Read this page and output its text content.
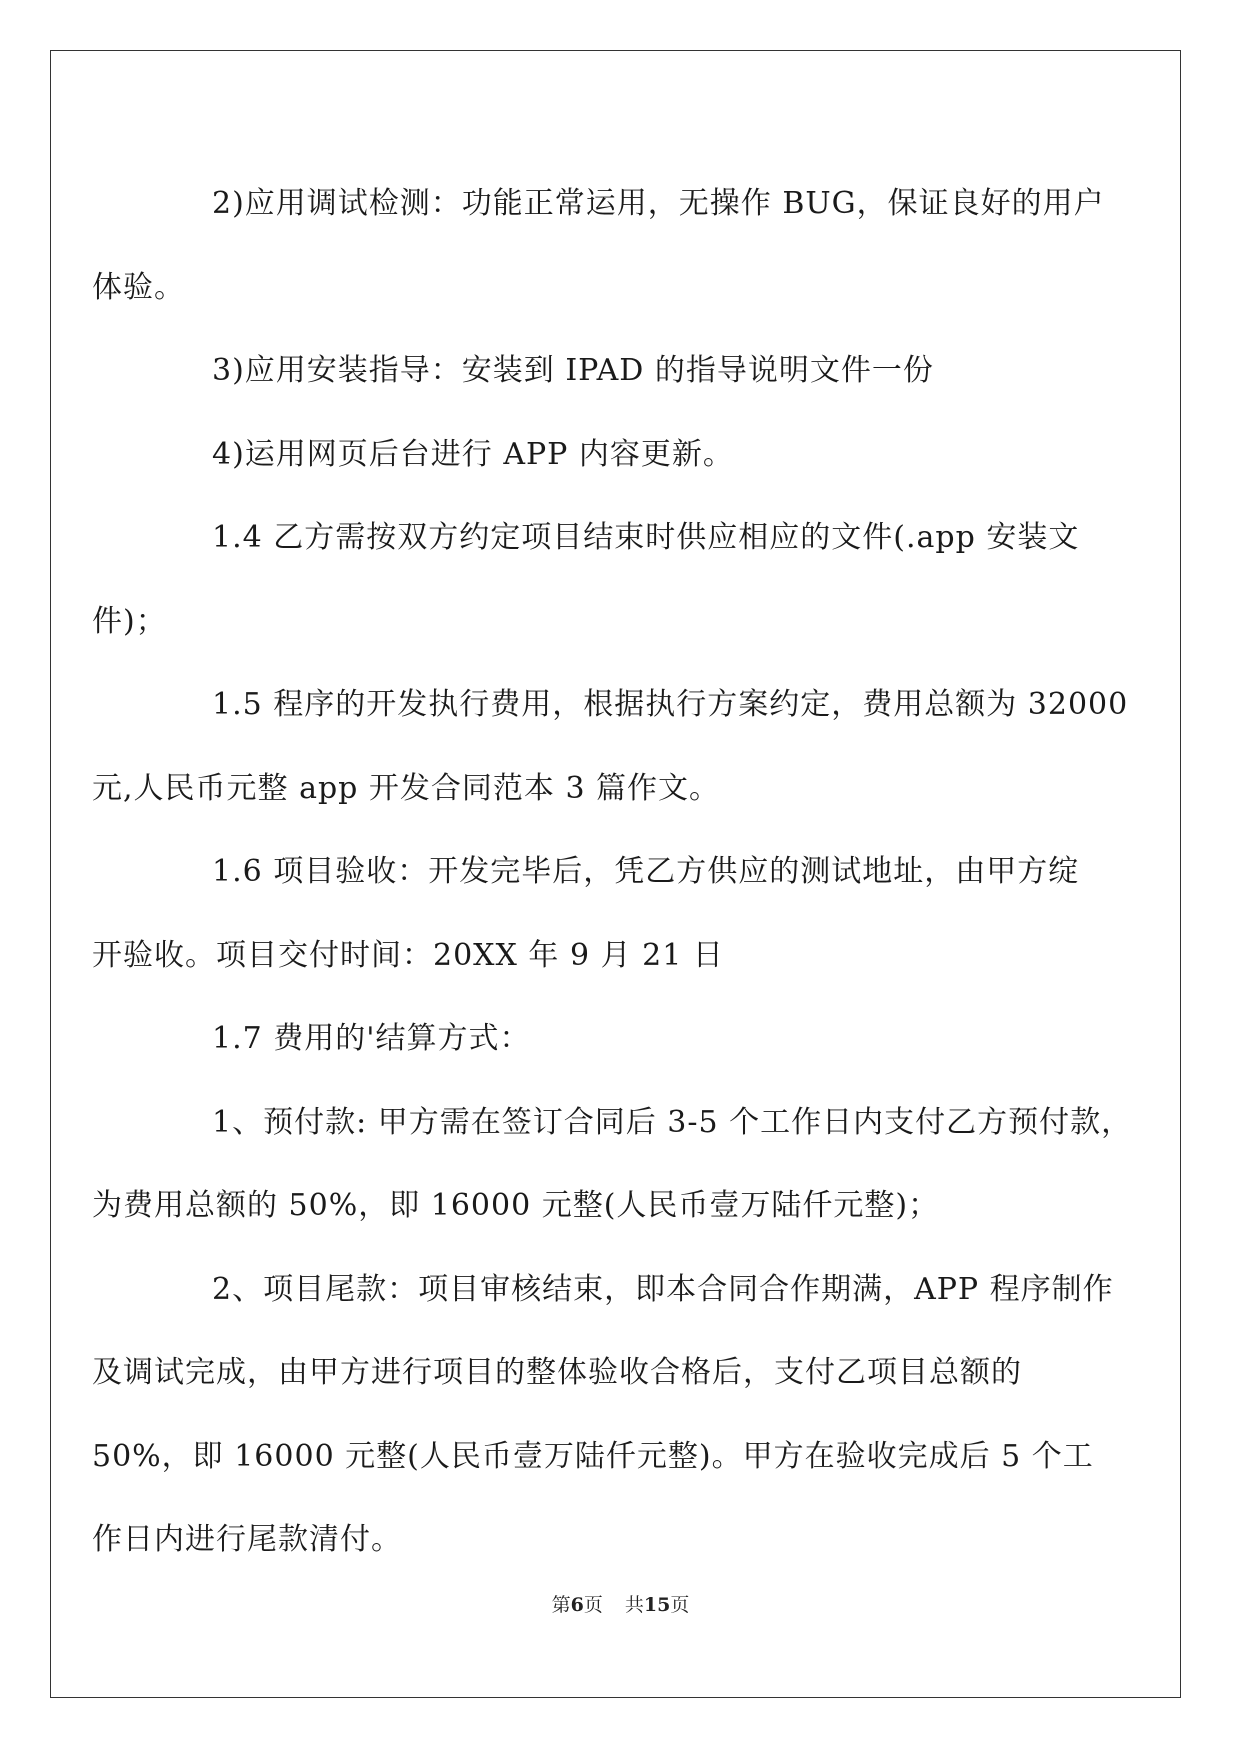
2)应用调试检测：功能正常运用，无操作 BUG，保证良好的用户
体验。

3)应用安装指导：安装到 IPAD 的指导说明文件一份

4)运用网页后台进行 APP 内容更新。

1.4 乙方需按双方约定项目结束时供应相应的文件(.app 安装文
件)；

1.5 程序的开发执行费用，根据执行方案约定，费用总额为 32000
元,人民币元整 app 开发合同范本 3 篇作文。

1.6 项目验收：开发完毕后，凭乙方供应的测试地址，由甲方绽
开验收。项目交付时间：20XX 年 9 月 21 日

1.7 费用的'结算方式：

1、预付款: 甲方需在签订合同后 3-5 个工作日内支付乙方预付款，
为费用总额的 50%，即 16000 元整(人民币壹万陆仟元整)；

2、项目尾款：项目审核结束，即本合同合作期满，APP 程序制作
及调试完成，由甲方进行项目的整体验收合格后，支付乙项目总额的
50%，即 16000 元整(人民币壹万陆仟元整)。甲方在验收完成后 5 个工
作日内进行尾款清付。

第6页 共15页
